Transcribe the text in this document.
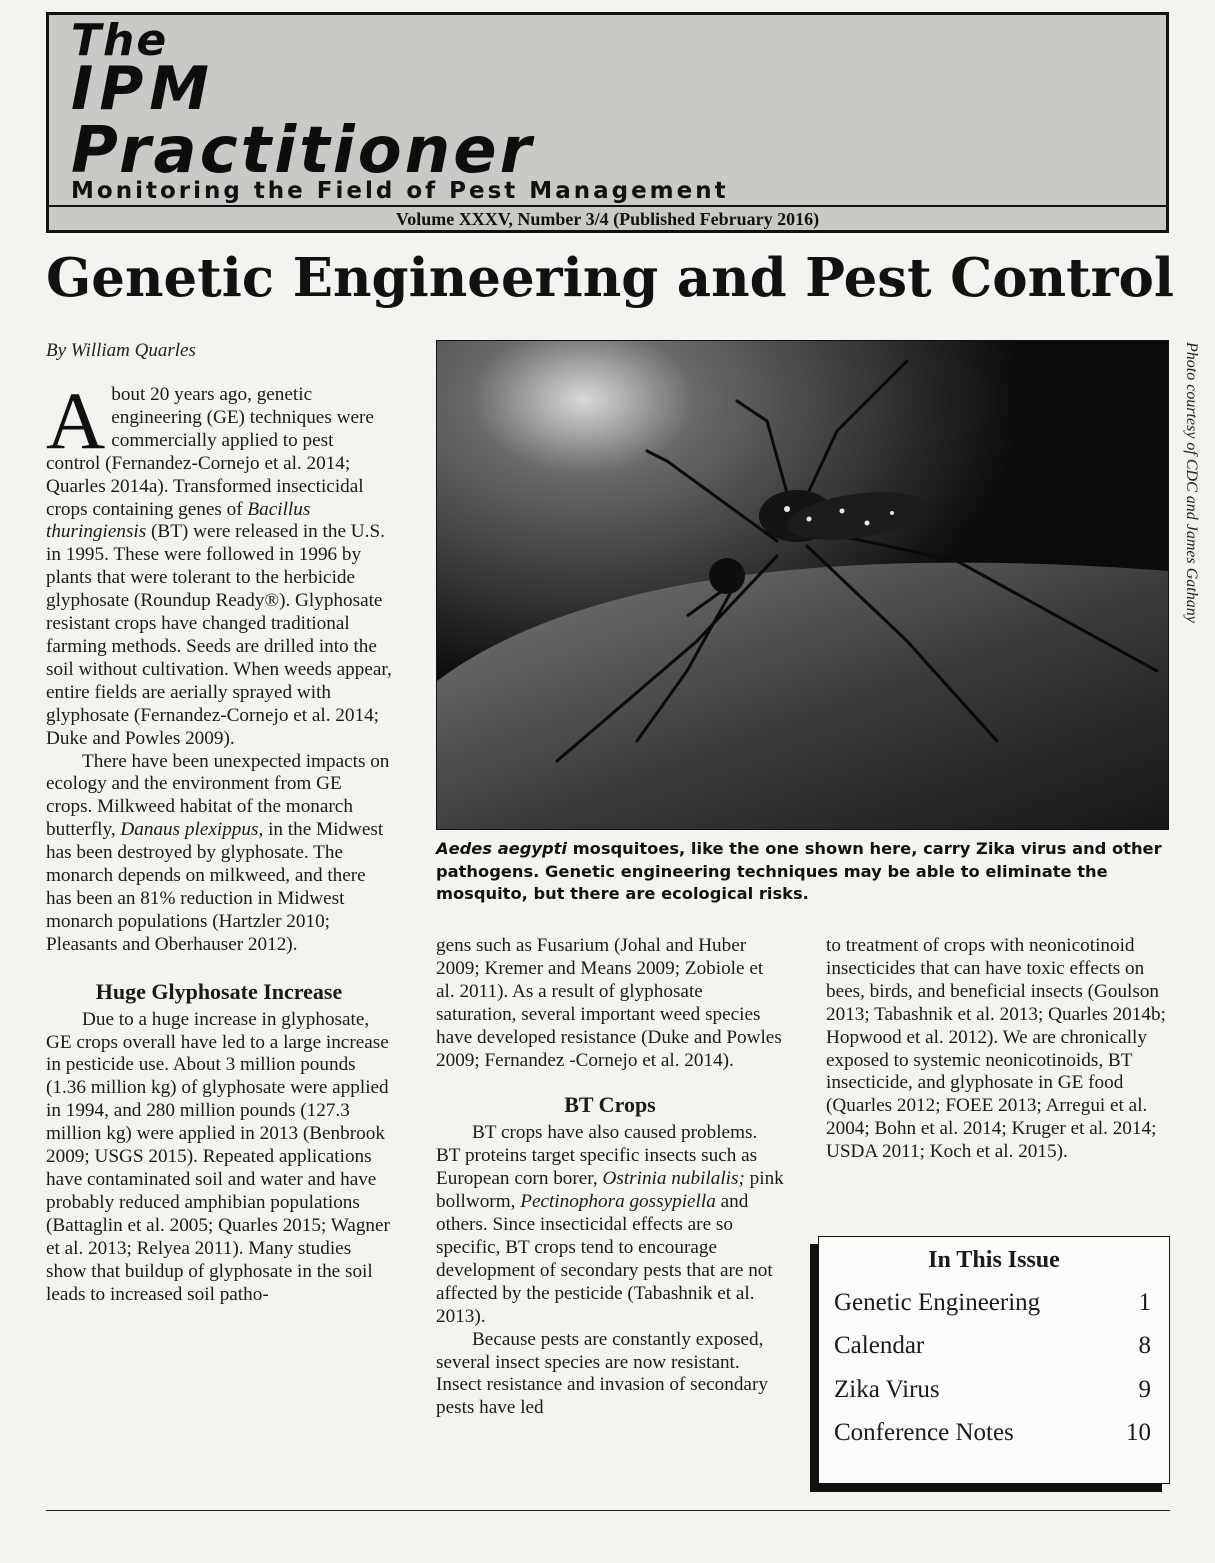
The
IPM
Practitioner
Monitoring the Field of Pest Management
Volume XXXV, Number 3/4 (Published February 2016)
Genetic Engineering and Pest Control
By William Quarles

About 20 years ago, genetic engineering (GE) techniques were commercially applied to pest control (Fernandez-Cornejo et al. 2014; Quarles 2014a). Transformed insecticidal crops containing genes of Bacillus thuringiensis (BT) were released in the U.S. in 1995. These were followed in 1996 by plants that were tolerant to the herbicide glyphosate (Roundup Ready®). Glyphosate resistant crops have changed traditional farming methods. Seeds are drilled into the soil without cultivation. When weeds appear, entire fields are aerially sprayed with glyphosate (Fernandez-Cornejo et al. 2014; Duke and Powles 2009).

There have been unexpected impacts on ecology and the environment from GE crops. Milkweed habitat of the monarch butterfly, Danaus plexippus, in the Midwest has been destroyed by glyphosate. The monarch depends on milkweed, and there has been an 81% reduction in Midwest monarch populations (Hartzler 2010; Pleasants and Oberhauser 2012).

Huge Glyphosate Increase

Due to a huge increase in glyphosate, GE crops overall have led to a large increase in pesticide use. About 3 million pounds (1.36 million kg) of glyphosate were applied in 1994, and 280 million pounds (127.3 million kg) were applied in 2013 (Benbrook 2009; USGS 2015). Repeated applications have contaminated soil and water and have probably reduced amphibian populations (Battaglin et al. 2005; Quarles 2015; Wagner et al. 2013; Relyea 2011). Many studies show that buildup of glyphosate in the soil leads to increased soil patho-

Photo courtesy of CDC and James Gathany
Aedes aegypti mosquitoes, like the one shown here, carry Zika virus and other pathogens. Genetic engineering techniques may be able to eliminate the mosquito, but there are ecological risks.

gens such as Fusarium (Johal and Huber 2009; Kremer and Means 2009; Zobiole et al. 2011). As a result of glyphosate saturation, several important weed species have developed resistance (Duke and Powles 2009; Fernandez -Cornejo et al. 2014).

BT Crops

BT crops have also caused problems. BT proteins target specific insects such as European corn borer, Ostrinia nubilalis; pink bollworm, Pectinophora gossypiella and others. Since insecticidal effects are so specific, BT crops tend to encourage development of secondary pests that are not affected by the pesticide (Tabashnik et al. 2013).

Because pests are constantly exposed, several insect species are now resistant. Insect resistance and invasion of secondary pests have led

to treatment of crops with neonicotinoid insecticides that can have toxic effects on bees, birds, and beneficial insects (Goulson 2013; Tabashnik et al. 2013; Quarles 2014b; Hopwood et al. 2012). We are chronically exposed to systemic neonicotinoids, BT insecticide, and glyphosate in GE food (Quarles 2012; FOEE 2013; Arregui et al. 2004; Bohn et al. 2014; Kruger et al. 2014; USDA 2011; Koch et al. 2015).

In This Issue
Genetic Engineering	1
Calendar	8
Zika Virus	9
Conference Notes	10
